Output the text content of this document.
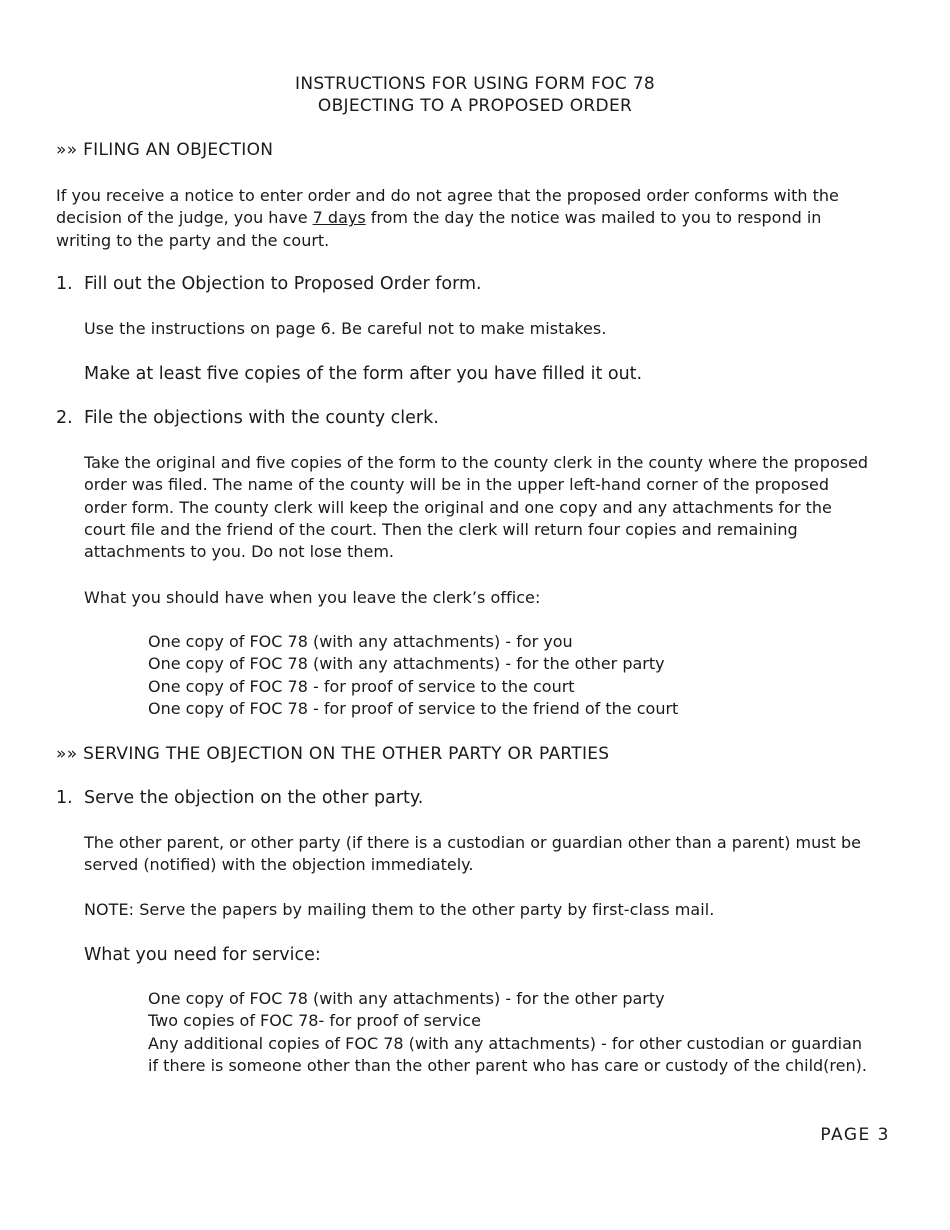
INSTRUCTIONS FOR USING FORM FOC 78
OBJECTING TO A PROPOSED ORDER

»» FILING AN OBJECTION

If you receive a notice to enter order and do not agree that the proposed order conforms with the
decision of the judge, you have 7 days from the day the notice was mailed to you to respond in
writing to the party and the court.
1. Fill out the Objection to Proposed Order form.

Use the instructions on page 6. Be careful not to make mistakes.

Make at least five copies of the form after you have filled it out.

2. File the objections with the county clerk.

Take the original and five copies of the form to the county clerk in the county where the proposed
order was filed. The name of the county will be in the upper left-hand corner of the proposed
order form. The county clerk will keep the original and one copy and any attachments for the
court file and the friend of the court. Then the clerk will return four copies and remaining
attachments to you. Do not lose them.

What you should have when you leave the clerk’s office:

One copy of FOC 78 (with any attachments) - for you
One copy of FOC 78 (with any attachments) - for the other party
One copy of FOC 78 - for proof of service to the court
One copy of FOC 78 - for proof of service to the friend of the court

»» SERVING THE OBJECTION ON THE OTHER PARTY OR PARTIES

1. Serve the objection on the other party.

The other parent, or other party (if there is a custodian or guardian other than a parent) must be
served (notified) with the objection immediately.

NOTE: Serve the papers by mailing them to the other party by first-class mail.

What you need for service:

One copy of FOC 78 (with any attachments) - for the other party
Two copies of FOC 78- for proof of service
Any additional copies of FOC 78 (with any attachments) - for other custodian or guardian
if there is someone other than the other parent who has care or custody of the child(ren).

PAGE 3
